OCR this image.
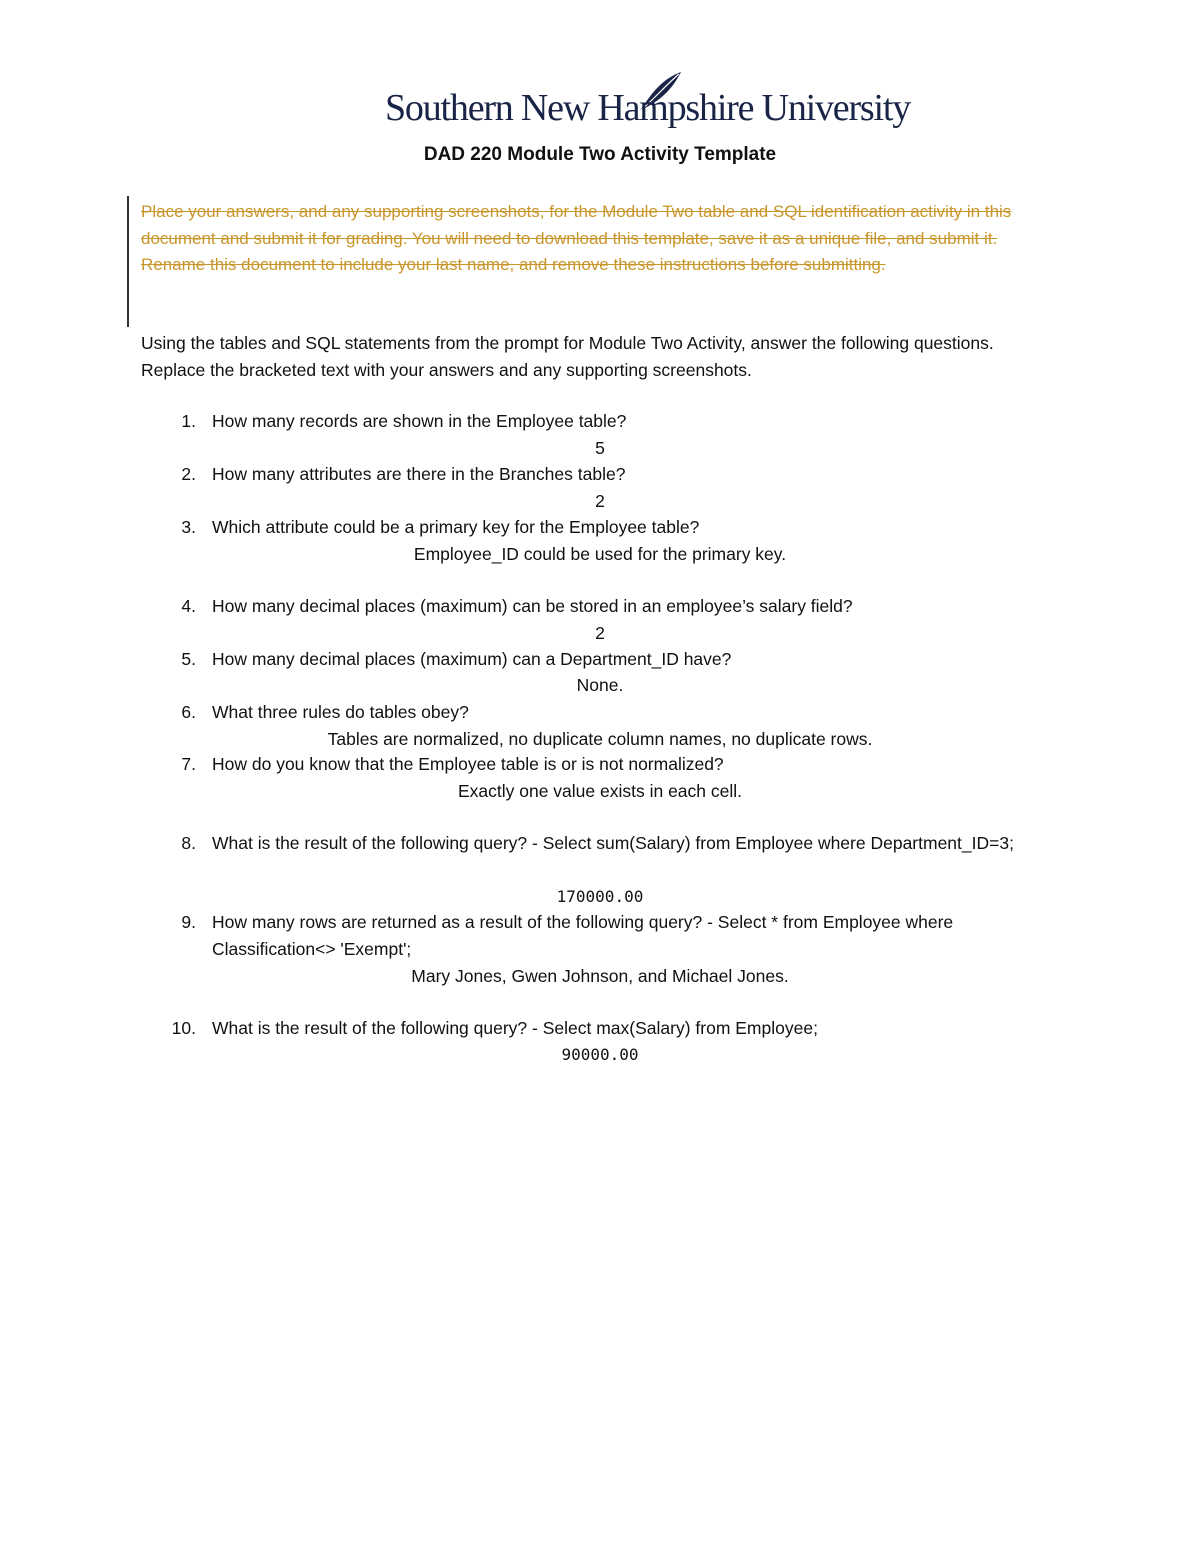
Southern New Hampshire University
DAD 220 Module Two Activity Template
Place your answers, and any supporting screenshots, for the Module Two table and SQL identification activity in this document and submit it for grading. You will need to download this template, save it as a unique file, and submit it. Rename this document to include your last name, and remove these instructions before submitting.
Using the tables and SQL statements from the prompt for Module Two Activity, answer the following questions. Replace the bracketed text with your answers and any supporting screenshots.
1. How many records are shown in the Employee table?
5
2. How many attributes are there in the Branches table?
2
3. Which attribute could be a primary key for the Employee table?
Employee_ID could be used for the primary key.
4. How many decimal places (maximum) can be stored in an employee’s salary field?
2
5. How many decimal places (maximum) can a Department_ID have?
None.
6. What three rules do tables obey?
Tables are normalized, no duplicate column names, no duplicate rows.
7. How do you know that the Employee table is or is not normalized?
Exactly one value exists in each cell.
8. What is the result of the following query? - Select sum(Salary) from Employee where Department_ID=3;
170000.00
9. How many rows are returned as a result of the following query? - Select * from Employee where Classification<> 'Exempt';
Mary Jones, Gwen Johnson, and Michael Jones.
10. What is the result of the following query? - Select max(Salary) from Employee;
90000.00
